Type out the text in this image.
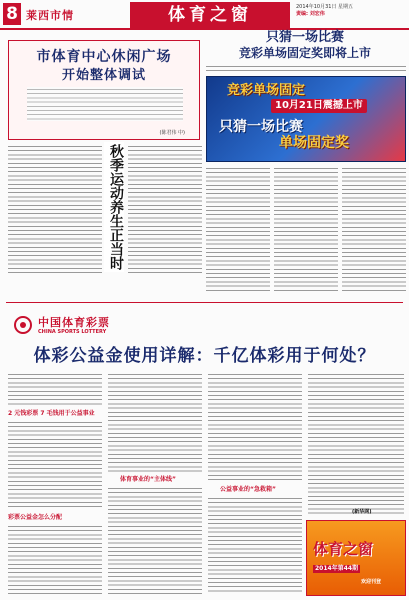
8 莱西市情	体育之窗	2014年10月31日 星期五
责编: 刘宏伟
市体育中心休闲广场
开始整体调试
(陈君伟 中)
秋季运动养生正当时
只猜一场比赛
竞彩单场固定奖即将上市
竞彩单场固定
10月21日震撼上市
只猜一场比赛
单场固定奖
中国体育彩票
CHINA SPORTS LOTTERY
体彩公益金使用详解：千亿体彩用于何处？
2 元钱彩票 7 毛钱用于公益事业
彩票公益金怎么分配
体育事业的“主体线”
公益事业的“急救箱”
(新华网)
体育之窗
2014年第44期
欢迎刊登
